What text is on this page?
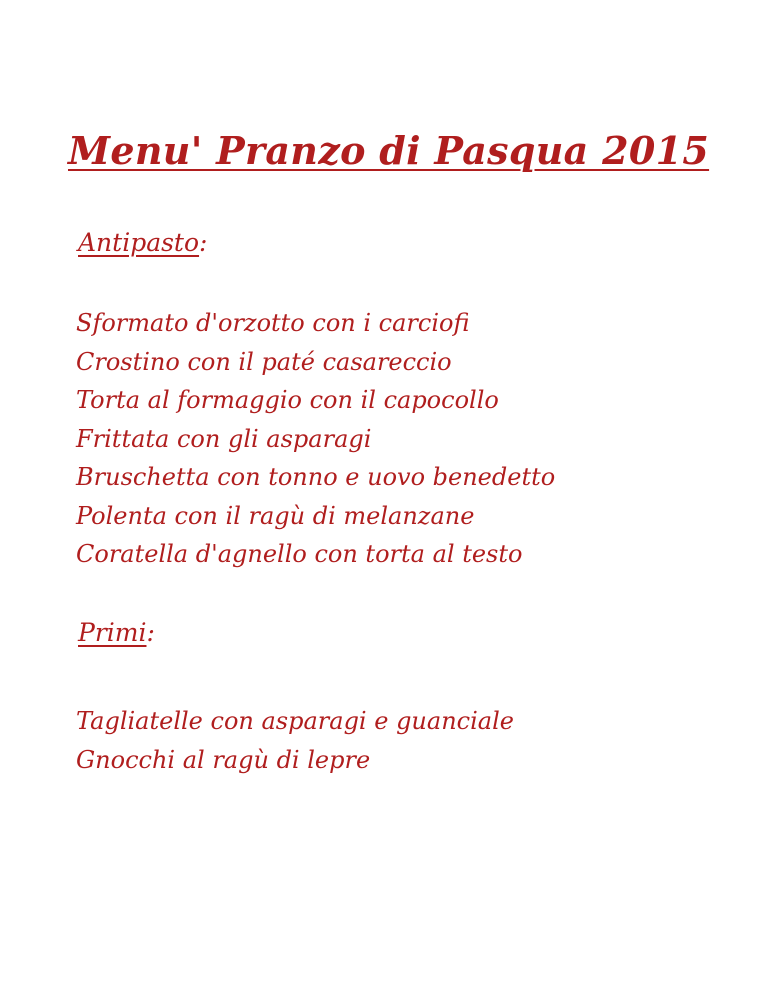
Menu' Pranzo di Pasqua 2015
Antipasto:
Sformato d'orzotto con i carciofi
Crostino con il paté casareccio
Torta al formaggio con il capocollo
Frittata con gli asparagi
Bruschetta con tonno e uovo benedetto
Polenta con il ragù di melanzane
Coratella d'agnello con torta al testo
Primi:
Tagliatelle con asparagi e guanciale
Gnocchi al ragù di lepre
